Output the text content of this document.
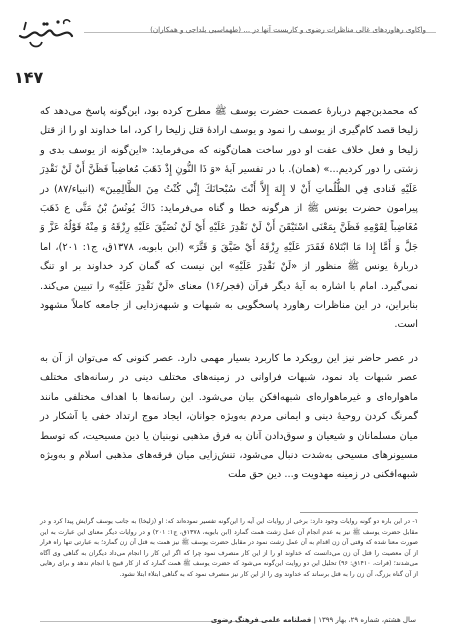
واکاوی رهاوردهای غالی مناظرات رضوی و کاربست آنها در ... (طهماسبی بلداجی و همکاران)
۱۴۷

که محمدبن‌جهم دربارهٔ عصمت حضرت یوسف ﷺ مطرح کرده بود، این‌گونه پاسخ می‌دهد که زلیخا قصد کام‌گیری از یوسف را نمود و یوسف ارادهٔ قتل زلیخا را کرد، اما خداوند او را از قتل زلیخا و فعل خلاف عفت او دور ساخت همان‌گونه که می‌فرماید: «این‌گونه از یوسف بدی و زشتی را دور کردیم...» (همان). با در تفسیر آیهٔ «وَ ذَا النُّونِ إِذْ ذَهَبَ مُغاضِباً فَظَنَّ أَنْ لَنْ نَقْدِرَ عَلَيْهِ فَنادى فِي الظُّلُماتِ أَنْ لا إِلهَ إِلاَّ أَنْتَ سُبْحانَكَ إِنِّي كُنْتُ مِنَ الظَّالِمِينَ» (انبیاء/۸۷) در پیرامون حضرت یونس ﷺ از هرگونه خطا و گناه می‌فرماید: ذَاكَ يُونُسُ بْنُ مَتَّى ع ذَهَبَ مُغَاضِباً لِقَوْمِهِ فَظَنَّ بِمَعْنَى اسْتَيْقَنَ أَنْ لَنْ نَقْدِرَ عَلَيْهِ أَيْ لَنْ نُضَيِّقَ عَلَيْهِ رِزْقَهُ وَ مِنْهُ قَوْلُهُ عَزَّ وَ جَلَّ وَ أَمَّا إِذا مَا ابْتَلاهُ فَقَدَرَ عَلَيْهِ رِزْقَهُ أَيْ ضَيَّقَ وَ قَتَّرَ» (ابن بابویه، ۱۳۷۸ق، ج۱: ۲۰۱)، اما دربارهٔ یونس ﷺ منظور از «لَنْ نَقْدِرَ عَلَيْهِ» این نیست که گمان کرد خداوند بر او تنگ نمی‌گیرد. امام با اشاره به آیهٔ دیگر قرآن (فجر/۱۶) معنای «لَنْ نَقْدِرَ عَلَيْهِ» را تبیین می‌کند. بنابراین، در این مناظرات رهاورد پاسخگویی به شبهات و شبهه‌زدایی از جامعه کاملاً مشهود است.

در عصر حاضر نیز این رویکرد ما کاربرد بسیار مهمی دارد. عصر کنونی که می‌توان از آن به عصر شبهات یاد نمود، شبهات فراوانی در زمینه‌های مختلف دینی در رسانه‌های مختلف ماهواره‌ای و غیرماهواره‌ای شبهه‌افکن بیان می‌شود. این رسانه‌ها با اهداف مختلفی مانند گمرنگ کردن روحیهٔ دینی و ایمانی مردم به‌ویژه جوانان، ایجاد موج ارتداد خفی یا آشکار در میان مسلمانان و شیعیان و سوق‌دادن آنان به فرق مذهبی نوبنیان یا دین مسیحیت، که توسط مسیونرهای مسیحی به‌شدت دنبال می‌شود، تنش‌زایی میان فرقه‌های مذهبی اسلام و به‌ویژه شبهه‌افکنی در زمینه مهدویت و... دین حق ملت

۱- در این باره دو گونه روایات وجود دارد: برخی از روایات این آیه را این‌گونه تفسیر نموده‌اند که: او (زلیخا) به جانب یوسف گرایش پیدا کرد و در مقابل حضرت یوسف ﷺ نیز به عدم انجام آن عمل زشت همت گمارد (ابن بابویه، ۱۳۷۸ق، ج۱: ۲۰۱) و در روایات دیگر معنای این عبارت به این صورت معنا شده که وقتی آن زن اقدام به آن عمل زشت نمود در مقابل حضرت یوسف ﷺ نیز همت به قتل آن زن گمارد؛ به عبارتی تنها راه فرار از آن معصیت را قتل آن زن می‌دانست که خداوند او را از این کار منصرف نمود چرا که اگر این کار را انجام می‌داد دیگران به گناهی وی آگاه می‌شدند؛ (فرات، ۱۴۱۰ق: ۹۶) تحلیل این دو روایت این‌گونه می‌شود که حضرت یوسف ﷺ همت گمارد که از کار قبیح یا انجام ندهد و برای رهایی از آن گناه بزرگ، آن زن را به قتل برساند که خداوند وی را از این کار نیز منصرف نمود که به گناهی ابتلاء ابتلا نشود.
سال هشتم، شماره ۲۹، بهار ۱۳۹۹ | فصلنامه علمی فرهنگ رضوی
